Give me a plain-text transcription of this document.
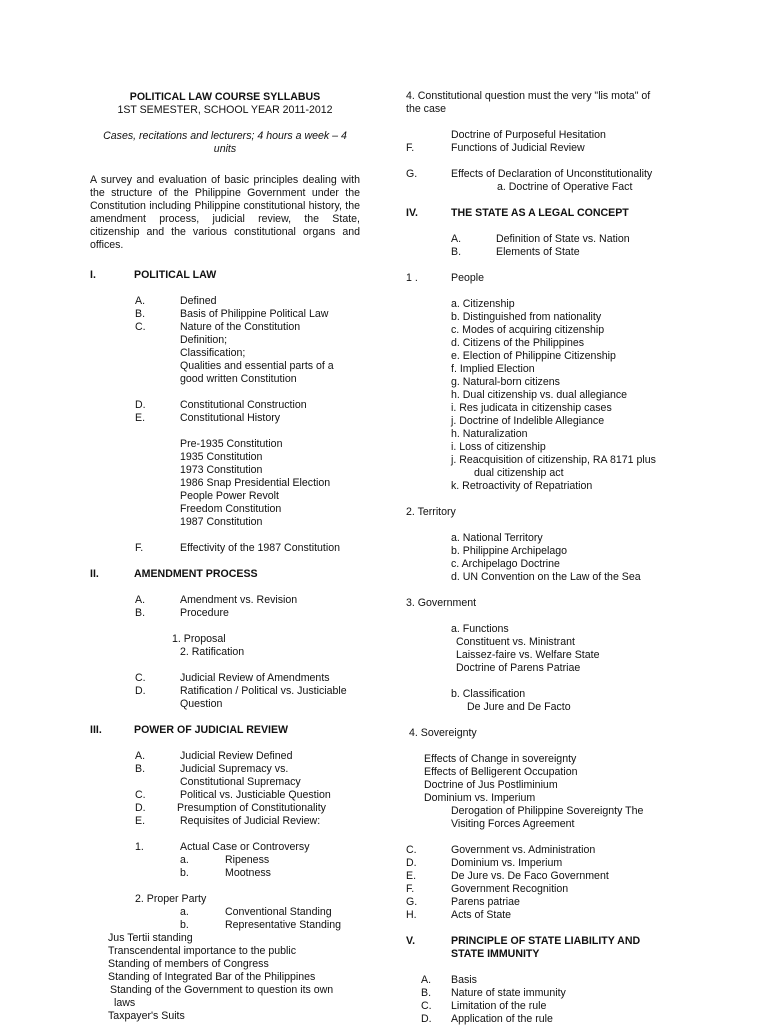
POLITICAL LAW COURSE SYLLABUS
1ST SEMESTER, SCHOOL YEAR 2011-2012
Cases, recitations and lecturers; 4 hours a week – 4
units
A survey and evaluation of basic principles dealing with the structure of the Philippine Government under the Constitution including Philippine constitutional history, the amendment process, judicial review, the State, citizenship and the various constitutional organs and offices.
I.	POLITICAL LAW
A.	Defined
B.	Basis of Philippine Political Law
C.	Nature of the Constitution
Definition;
Classification;
Qualities and essential parts of a
good written Constitution
D.	Constitutional Construction
E.	Constitutional History
Pre-1935 Constitution
1935 Constitution
1973 Constitution
1986 Snap Presidential Election
People Power Revolt
Freedom Constitution
1987 Constitution
F.	Effectivity of the 1987 Constitution
II.	AMENDMENT PROCESS
A.	Amendment vs. Revision
B.	Procedure
1. Proposal
2. Ratification
C.	Judicial Review of Amendments
D.	Ratification / Political vs. Justiciable
Question
III.	POWER OF JUDICIAL REVIEW
A.	Judicial Review Defined
B.	Judicial Supremacy vs.
Constitutional Supremacy
C.	Political vs. Justiciable Question
D.	Presumption of Constitutionality
E.	Requisites of Judicial Review:
1.	Actual Case or Controversy
a.	Ripeness
b.	Mootness
2. Proper Party
a.	Conventional Standing
b.	Representative Standing
Jus Tertii standing
Transcendental importance to the public
Standing of members of Congress
Standing of Integrated Bar of the Philippines
Standing of the Government to question its own
laws
Taxpayer's Suits
4. Constitutional question must the very "lis mota" of
the case
Doctrine of Purposeful Hesitation
F.	Functions of Judicial Review
G.	Effects of Declaration of Unconstitutionality
a. Doctrine of Operative Fact
IV.	THE STATE AS A LEGAL CONCEPT
A.	Definition of State vs. Nation
B.	Elements of State
1 .	People
a. Citizenship
b. Distinguished from nationality
c. Modes of acquiring citizenship
d. Citizens of the Philippines
e. Election of Philippine Citizenship
f. Implied Election
g. Natural-born citizens
h. Dual citizenship vs. dual allegiance
i. Res judicata in citizenship cases
j. Doctrine of Indelible Allegiance
h. Naturalization
i. Loss of citizenship
j. Reacquisition of citizenship, RA 8171 plus
dual citizenship act
k. Retroactivity of Repatriation
2. Territory
a. National Territory
b. Philippine Archipelago
c. Archipelago Doctrine
d. UN Convention on the Law of the Sea
3. Government
a. Functions
Constituent vs. Ministrant
Laissez-faire vs. Welfare State
Doctrine of Parens Patriae
b. Classification
De Jure and De Facto
4. Sovereignty
Effects of Change in sovereignty
Effects of Belligerent Occupation
Doctrine of Jus Postliminium
Dominium vs. Imperium
Derogation of Philippine Sovereignty The
Visiting Forces Agreement
C.	Government vs. Administration
D.	Dominium vs. Imperium
E.	De Jure vs. De Faco Government
F.	Government Recognition
G.	Parens patriae
H.	Acts of State
V.	PRINCIPLE OF STATE LIABILITY AND
STATE IMMUNITY
A. Basis
B. Nature of state immunity
C. Limitation of the rule
D. Application of the rule
